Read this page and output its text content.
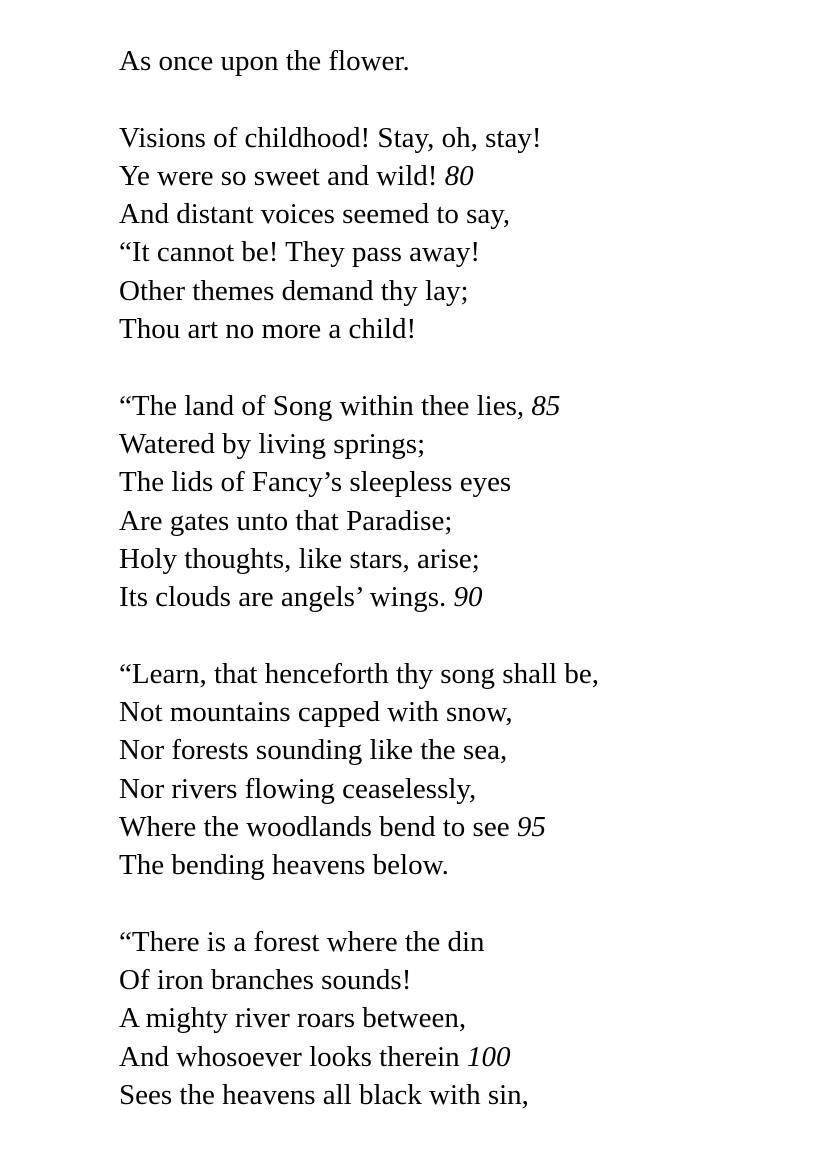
As once upon the flower.
Visions of childhood! Stay, oh, stay!
Ye were so sweet and wild! 80
And distant voices seemed to say,
“It cannot be! They pass away!
Other themes demand thy lay;
Thou art no more a child!
“The land of Song within thee lies, 85
Watered by living springs;
The lids of Fancy’s sleepless eyes
Are gates unto that Paradise;
Holy thoughts, like stars, arise;
Its clouds are angels’ wings. 90
“Learn, that henceforth thy song shall be,
Not mountains capped with snow,
Nor forests sounding like the sea,
Nor rivers flowing ceaselessly,
Where the woodlands bend to see 95
The bending heavens below.
“There is a forest where the din
Of iron branches sounds!
A mighty river roars between,
And whosoever looks therein 100
Sees the heavens all black with sin,
